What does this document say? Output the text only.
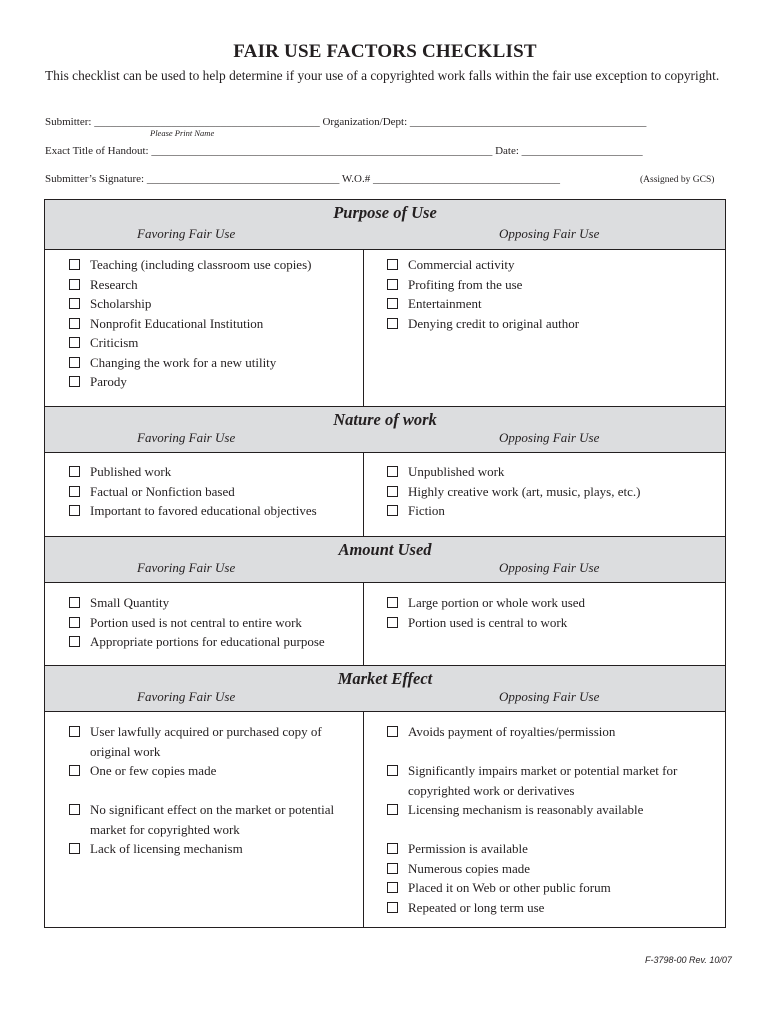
FAIR USE FACTORS CHECKLIST
This checklist can be used to help determine if your use of a copyrighted work falls within the fair use exception to copyright.
Submitter: _________________________________________ Organization/Dept: ___________________________________________
Please Print Name
Exact Title of Handout: ______________________________________________________________ Date: ______________________
Submitter’s Signature: ___________________________________ W.O.# __________________________________	(Assigned by GCS)
Purpose of Use
Favoring Fair Use	Opposing Fair Use
Teaching (including classroom use copies)
Research
Scholarship
Nonprofit Educational Institution
Criticism
Changing the work for a new utility
Parody
Commercial activity
Profiting from the use
Entertainment
Denying credit to original author
Nature of work
Favoring Fair Use	Opposing Fair Use
Published work
Factual or Nonfiction based
Important to favored educational objectives
Unpublished work
Highly creative work (art, music, plays, etc.)
Fiction
Amount Used
Favoring Fair Use	Opposing Fair Use
Small Quantity
Portion used is not central to entire work
Appropriate portions for educational purpose
Large portion or whole work used
Portion used is central to work
Market Effect
Favoring Fair Use	Opposing Fair Use
User lawfully acquired or purchased copy of original work
One or few copies made
No significant effect on the market or potential market for copyrighted work
Lack of licensing mechanism
Avoids payment of royalties/permission
Significantly impairs market or potential market for copyrighted work or derivatives
Licensing mechanism is reasonably available
Permission is available
Numerous copies made
Placed it on Web or other public forum
Repeated or long term use
F-3798-00 Rev. 10/07
